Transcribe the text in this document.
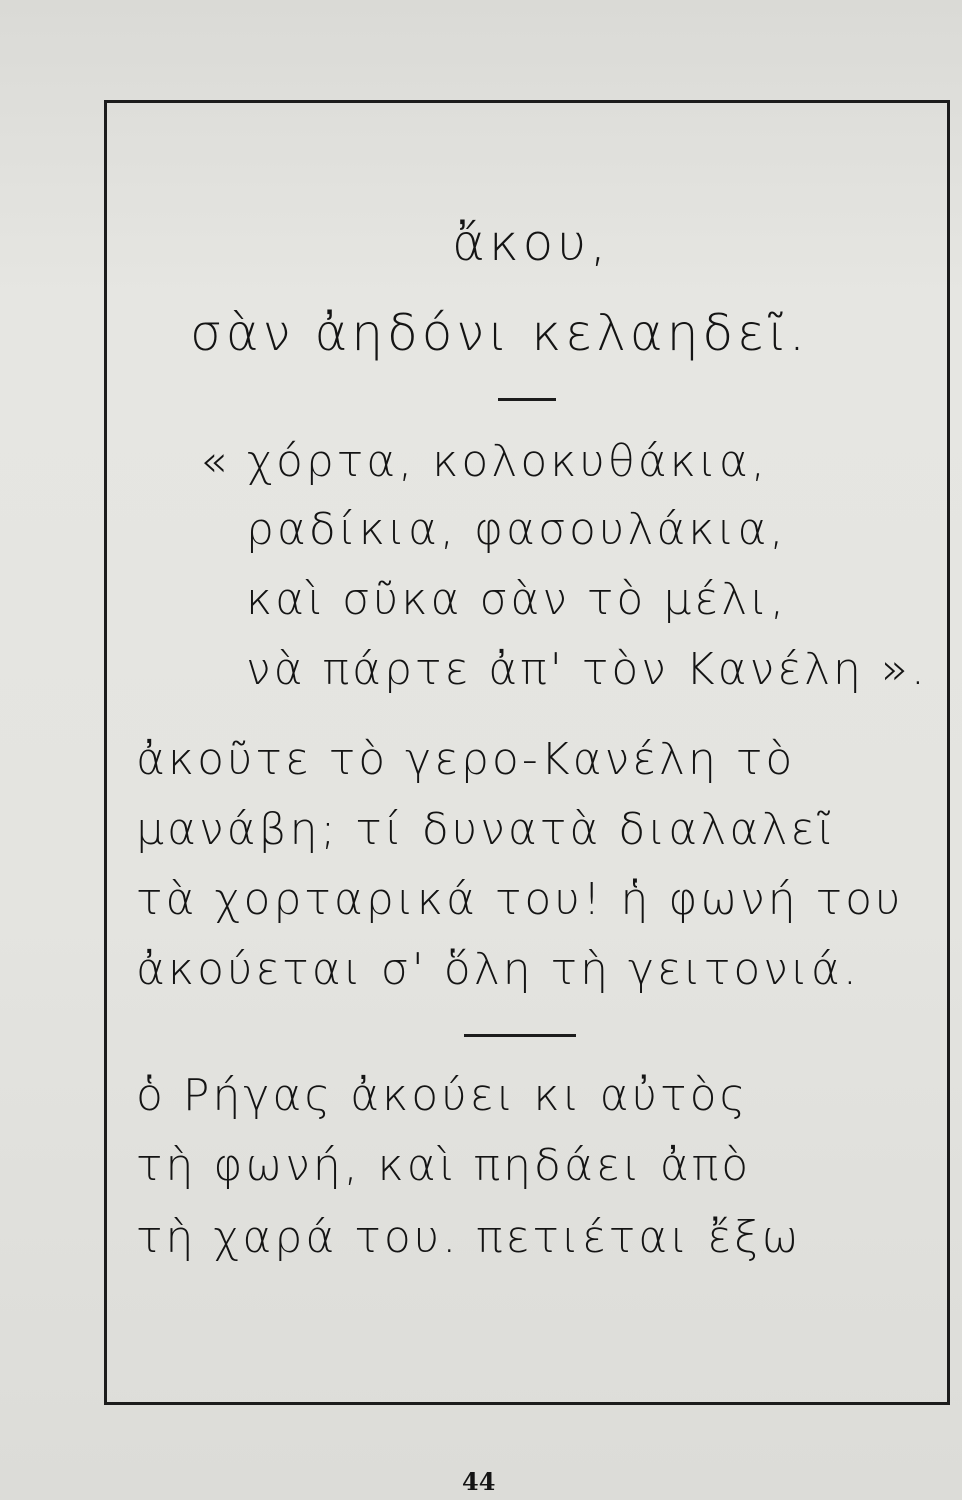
ἄκου,
σὰν ἀηδόνι κελαηδεῖ.
« χόρτα, κολοκυθάκια,
ραδίκια, φασουλάκια,
καὶ σῦκα σὰν τὸ μέλι,
νὰ πάρτε ἀπ' τὸν Κανέλη ».
ἀκοῦτε τὸ γερο-Κανέλη τὸ
μανάβη; τί δυνατὰ διαλαλεῖ
τὰ χορταρικά του! ἡ φωνή του
ἀκούεται σ' ὅλη τὴ γειτονιά.
ὁ Ρήγας ἀκούει κι αὐτὸς
τὴ φωνή, καὶ πηδάει ἀπὸ
τὴ χαρά του. πετιέται ἔξω
44
